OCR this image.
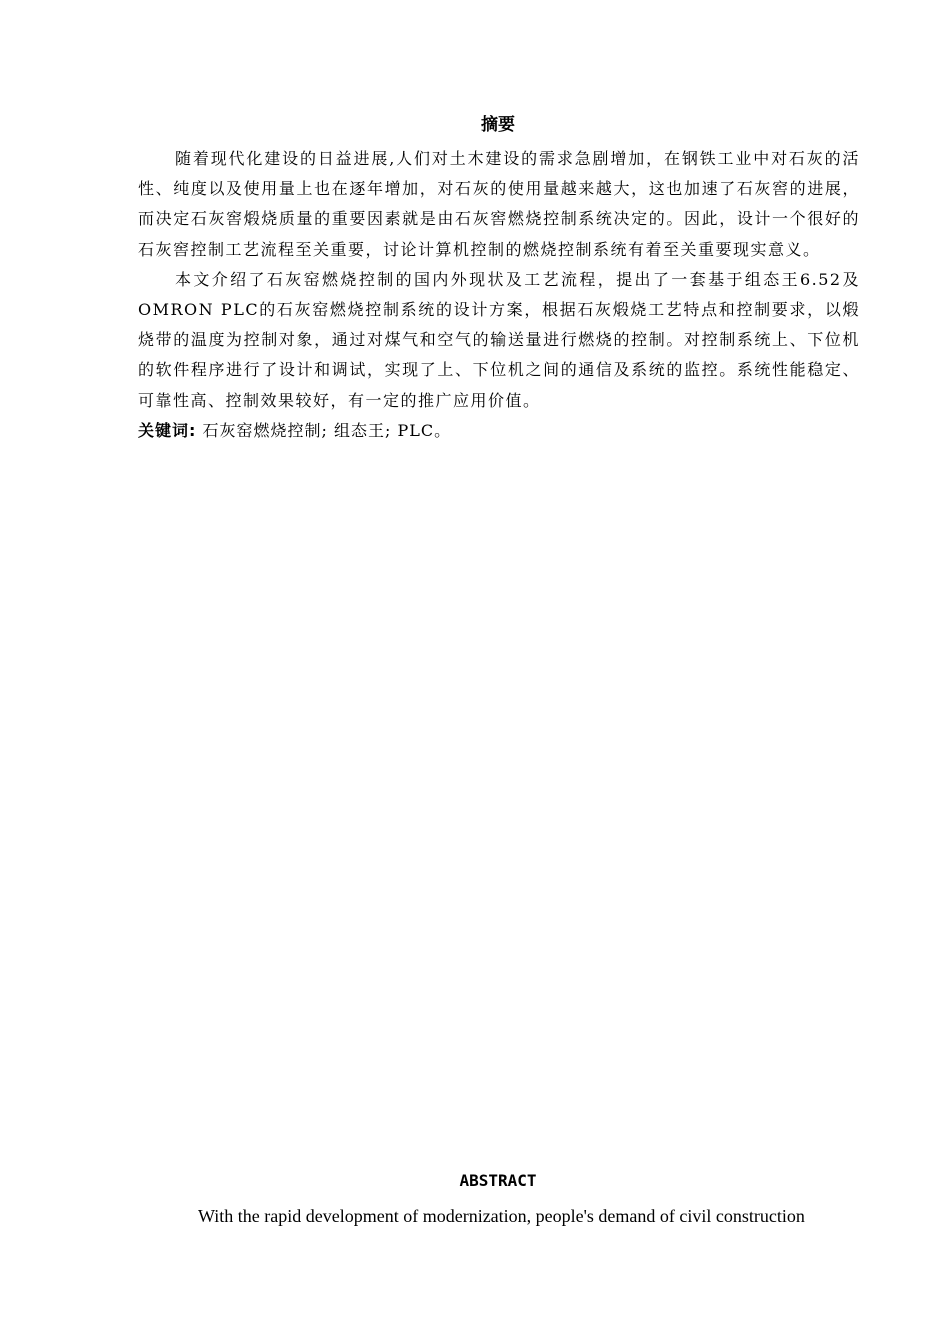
摘要

随着现代化建设的日益进展,人们对土木建设的需求急剧增加，在钢铁工业中对石灰的活性、纯度以及使用量上也在逐年增加，对石灰的使用量越来越大，这也加速了石灰窖的进展，而决定石灰窖煅烧质量的重要因素就是由石灰窖燃烧控制系统决定的。因此，设计一个很好的石灰窖控制工艺流程至关重要，讨论计算机控制的燃烧控制系统有着至关重要现实意义。

本文介绍了石灰窑燃烧控制的国内外现状及工艺流程，提出了一套基于组态王6.52及OMRON PLC的石灰窑燃烧控制系统的设计方案，根据石灰煅烧工艺特点和控制要求，以煅烧带的温度为控制对象，通过对煤气和空气的输送量进行燃烧的控制。对控制系统上、下位机的软件程序进行了设计和调试，实现了上、下位机之间的通信及系统的监控。系统性能稳定、可靠性高、控制效果较好，有一定的推广应用价值。

关键词: 石灰窑燃烧控制; 组态王; PLC。

ABSTRACT

With the rapid development of modernization, people's demand of civil construction
